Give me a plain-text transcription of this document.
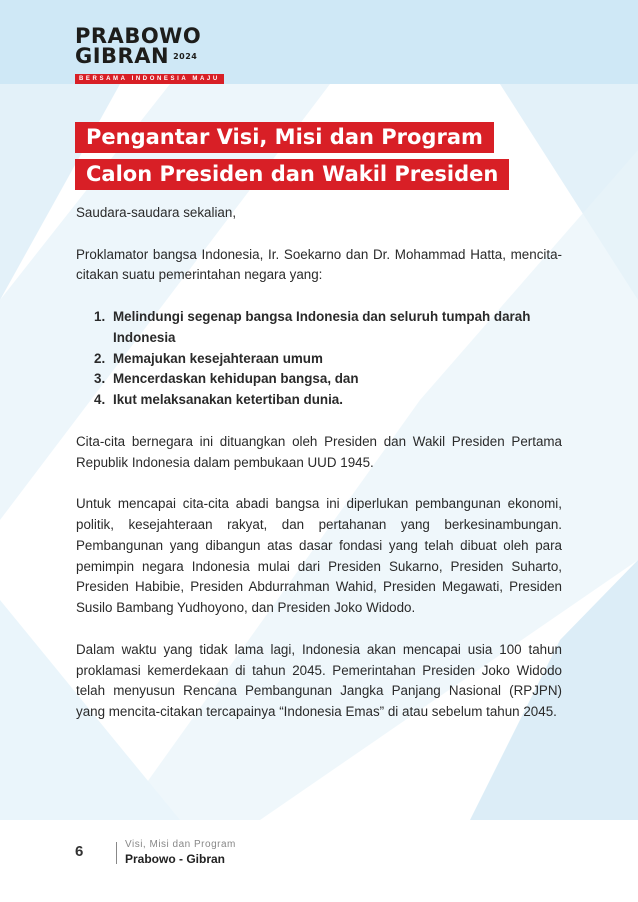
PRABOWO
GIBRAN 2024
BERSAMA INDONESIA MAJU
Pengantar Visi, Misi dan Program
Calon Presiden dan Wakil Presiden

Saudara-saudara sekalian,

Proklamator bangsa Indonesia, Ir. Soekarno dan Dr. Mohammad Hatta, mencita-citakan suatu pemerintahan negara yang:

1. Melindungi segenap bangsa Indonesia dan seluruh tumpah darah Indonesia
2. Memajukan kesejahteraan umum
3. Mencerdaskan kehidupan bangsa, dan
4. Ikut melaksanakan ketertiban dunia.

Cita-cita bernegara ini dituangkan oleh Presiden dan Wakil Presiden Pertama Republik Indonesia dalam pembukaan UUD 1945.

Untuk mencapai cita-cita abadi bangsa ini diperlukan pembangunan ekonomi, politik, kesejahteraan rakyat, dan pertahanan yang berkesinambungan. Pembangunan yang dibangun atas dasar fondasi yang telah dibuat oleh para pemimpin negara Indonesia mulai dari Presiden Sukarno, Presiden Suharto, Presiden Habibie, Presiden Abdurrahman Wahid, Presiden Megawati, Presiden Susilo Bambang Yudhoyono, dan Presiden Joko Widodo.

Dalam waktu yang tidak lama lagi, Indonesia akan mencapai usia 100 tahun proklamasi kemerdekaan di tahun 2045. Pemerintahan Presiden Joko Widodo telah menyusun Rencana Pembangunan Jangka Panjang Nasional (RPJPN) yang mencita-citakan tercapainya “Indonesia Emas” di atau sebelum tahun 2045.

6	Visi, Misi dan Program
Prabowo - Gibran
